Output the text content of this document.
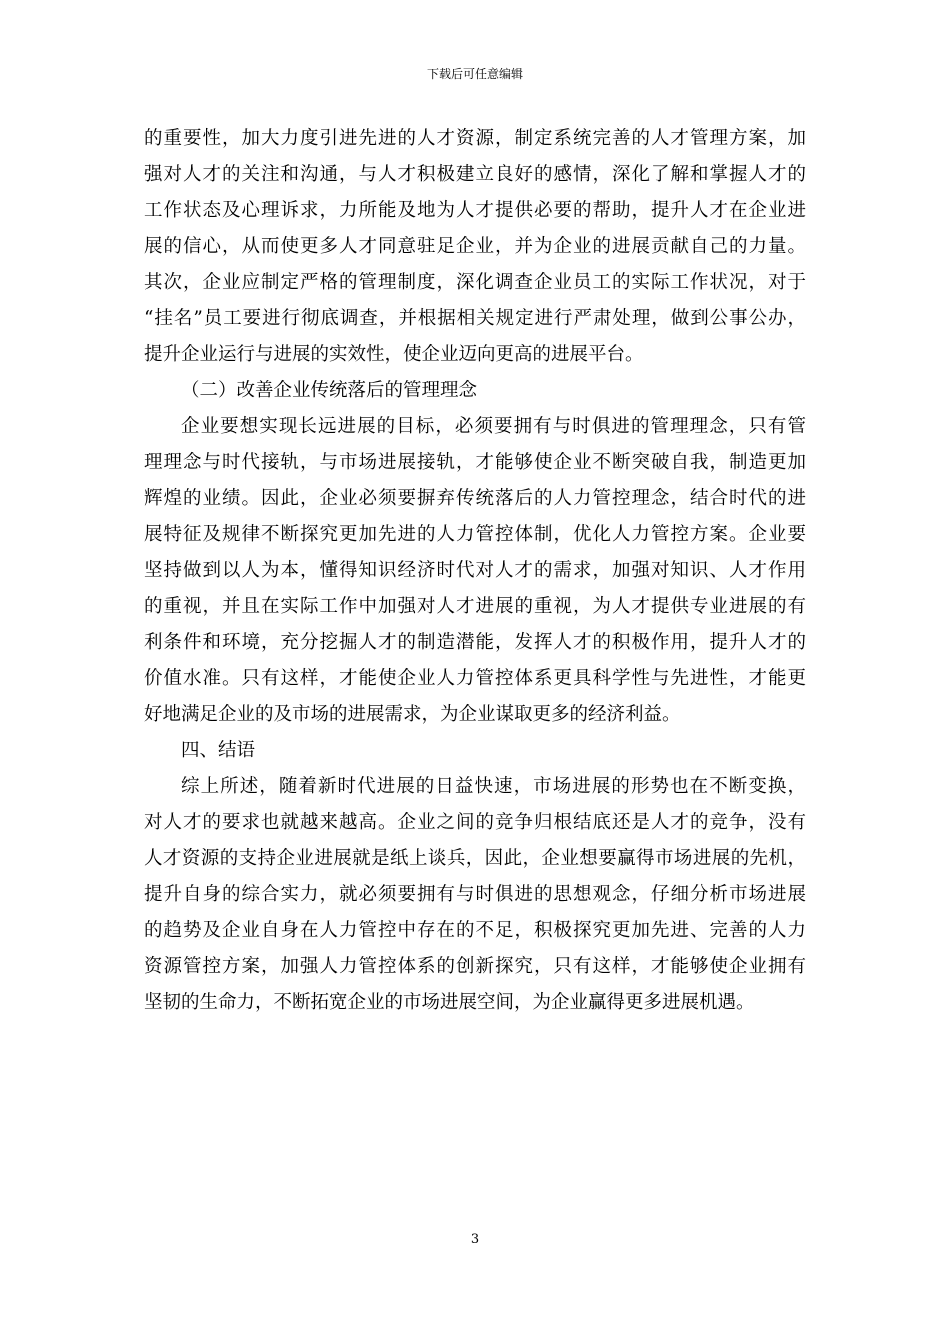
下载后可任意编辑
的重要性，加大力度引进先进的人才资源，制定系统完善的人才管理方案，加
强对人才的关注和沟通，与人才积极建立良好的感情，深化了解和掌握人才的
工作状态及心理诉求，力所能及地为人才提供必要的帮助，提升人才在企业进
展的信心，从而使更多人才同意驻足企业，并为企业的进展贡献自己的力量。
其次，企业应制定严格的管理制度，深化调查企业员工的实际工作状况，对于
“挂名”员工要进行彻底调查，并根据相关规定进行严肃处理，做到公事公办，
提升企业运行与进展的实效性，使企业迈向更高的进展平台。
（二）改善企业传统落后的管理理念
企业要想实现长远进展的目标，必须要拥有与时俱进的管理理念，只有管
理理念与时代接轨，与市场进展接轨，才能够使企业不断突破自我，制造更加
辉煌的业绩。因此，企业必须要摒弃传统落后的人力管控理念，结合时代的进
展特征及规律不断探究更加先进的人力管控体制，优化人力管控方案。企业要
坚持做到以人为本，懂得知识经济时代对人才的需求，加强对知识、人才作用
的重视，并且在实际工作中加强对人才进展的重视，为人才提供专业进展的有
利条件和环境，充分挖掘人才的制造潜能，发挥人才的积极作用，提升人才的
价值水准。只有这样，才能使企业人力管控体系更具科学性与先进性，才能更
好地满足企业的及市场的进展需求，为企业谋取更多的经济利益。
四、结语
综上所述，随着新时代进展的日益快速，市场进展的形势也在不断变换，
对人才的要求也就越来越高。企业之间的竞争归根结底还是人才的竞争，没有
人才资源的支持企业进展就是纸上谈兵，因此，企业想要赢得市场进展的先机，
提升自身的综合实力，就必须要拥有与时俱进的思想观念，仔细分析市场进展
的趋势及企业自身在人力管控中存在的不足，积极探究更加先进、完善的人力
资源管控方案，加强人力管控体系的创新探究，只有这样，才能够使企业拥有
坚韧的生命力，不断拓宽企业的市场进展空间，为企业赢得更多进展机遇。
3
